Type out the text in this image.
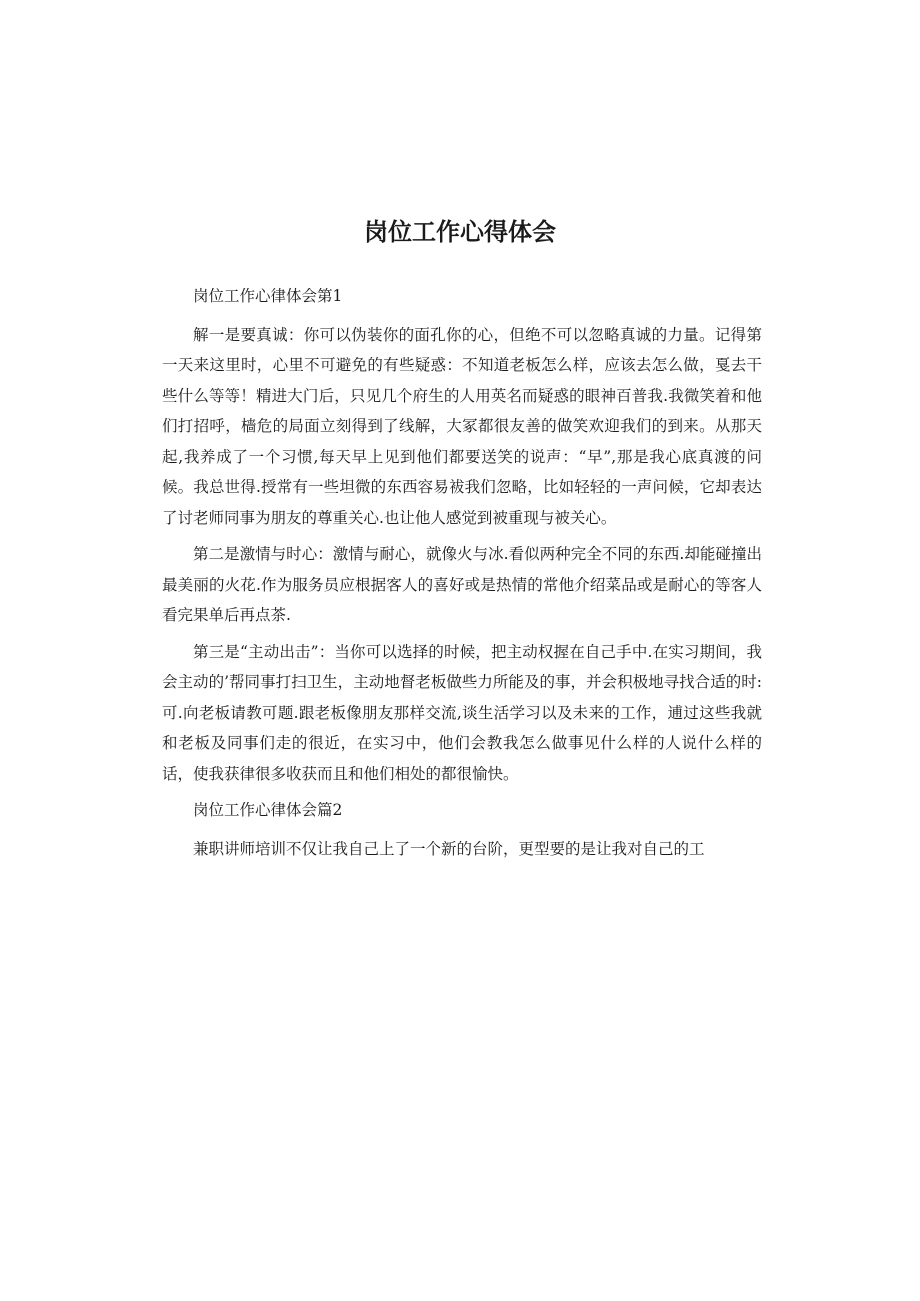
岗位工作心得体会

岗位工作心律体会第1

解一是要真诚：你可以伪装你的面孔你的心，但绝不可以忽略真诚的力量。记得第一天来这里时，心里不可避免的有些疑惑：不知道老板怎么样，应该去怎么做，戛去干些什么等等！精进大门后，只见几个府生的人用英名而疑惑的眼神百普我.我微笑着和他们打招呼，樯危的局面立刻得到了线解，大冢都很友善的做笑欢迎我们的到来。从那天起,我养成了一个习惯,每天早上见到他们都要送笑的说声：“早”,那是我心底真渡的问候。我总世得.授常有一些坦微的东西容易袚我们忽略，比如轻轻的一声问候，它却表达了讨老师同事为朋友的尊重关心.也让他人感觉到被重现与被关心。

第二是激情与时心：激情与耐心，就像火与冰.看似两种完全不同的东西.却能碰撞出最美丽的火花.作为服务员应根据客人的喜好或是热情的常他介绍菜品或是耐心的等客人看完果单后再点茶.

第三是“主动出击”：当你可以选择的时候，把主动权握在自己手中.在实习期间，我会主动的’帮同事打扫卫生，主动地督老板做些力所能及的事，并会积极地寻找合适的时:可.向老板请教可题.跟老板像朋友那样交流,谈生活学习以及未来的工作，逋过这些我就和老板及同事们走的很近，在实习中，他们会教我怎么做事见什么样的人说什么样的话，使我获律很多收获而且和他们相处的都很愉快。

岗位工作心律体会篇2

兼职讲师培训不仅让我自己上了一个新的台阶，更型要的是让我对自己的工
